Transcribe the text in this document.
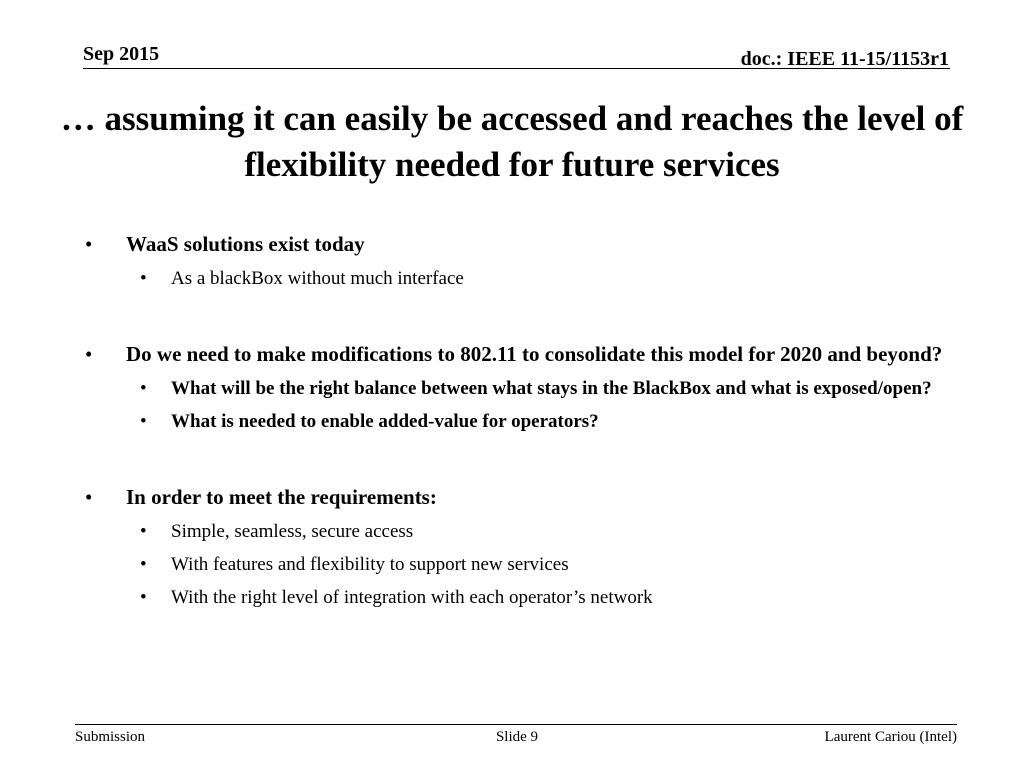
Sep 2015	doc.: IEEE 11-15/1153r1
… assuming it can easily be accessed and reaches the level of flexibility needed for future services
• WaaS solutions exist today
• As a blackBox without much interface
• Do we need to make modifications to 802.11 to consolidate this model for 2020 and beyond?
• What will be the right balance between what stays in the BlackBox and what is exposed/open?
• What is needed to enable added-value for operators?
• In order to meet the requirements:
• Simple, seamless, secure access
• With features and flexibility to support new services
• With the right level of integration with each operator’s network
Submission	Slide 9	Laurent Cariou (Intel)
